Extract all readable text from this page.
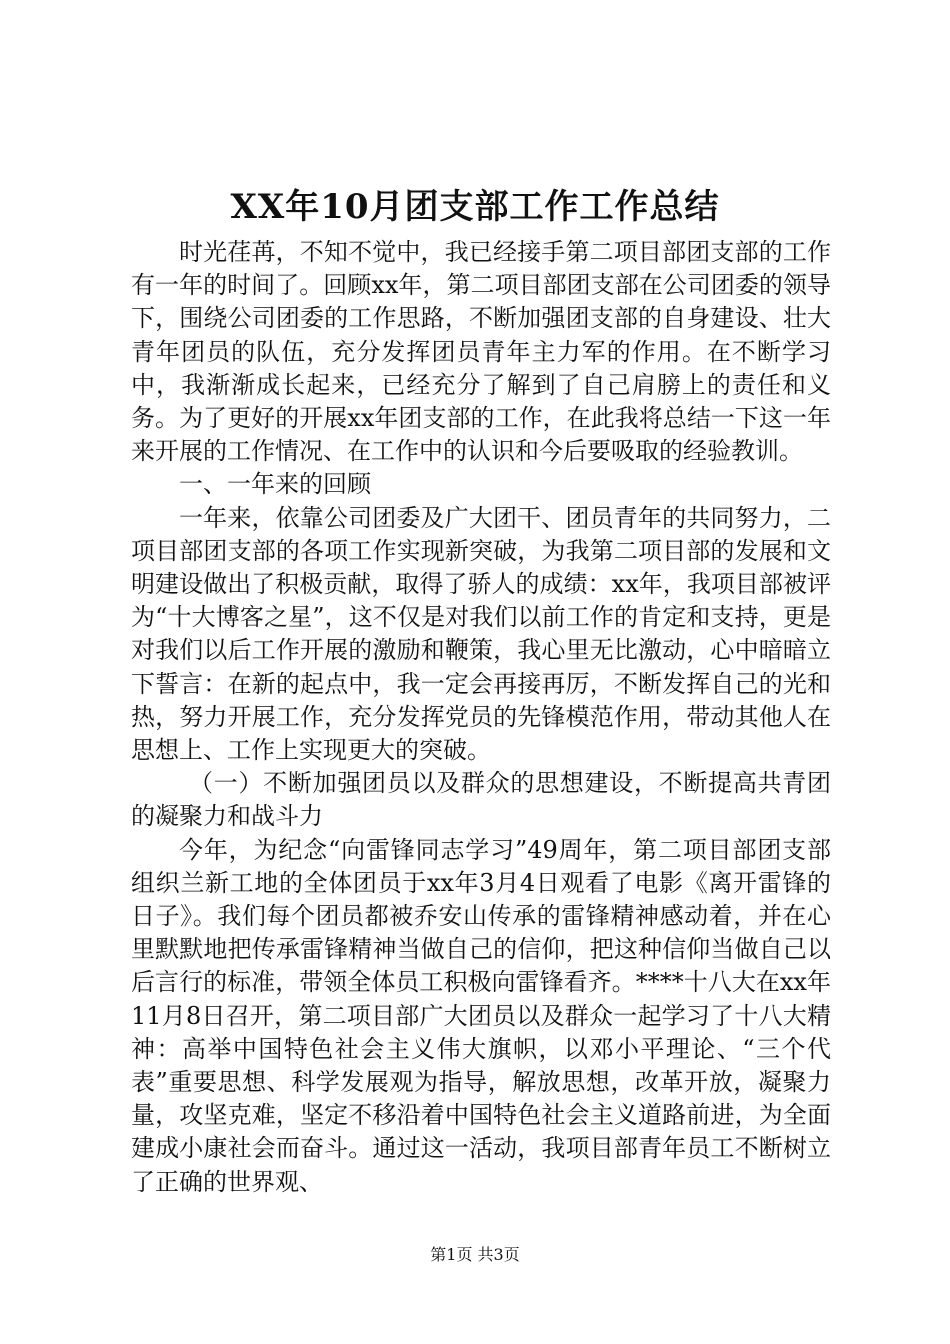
XX年10月团支部工作工作总结

时光荏苒，不知不觉中，我已经接手第二项目部团支部的工作有一年的时间了。回顾xx年，第二项目部团支部在公司团委的领导下，围绕公司团委的工作思路，不断加强团支部的自身建设、壮大青年团员的队伍，充分发挥团员青年主力军的作用。在不断学习中，我渐渐成长起来，已经充分了解到了自己肩膀上的责任和义务。为了更好的开展xx年团支部的工作，在此我将总结一下这一年来开展的工作情况、在工作中的认识和今后要吸取的经验教训。

一、一年来的回顾

一年来，依靠公司团委及广大团干、团员青年的共同努力，二项目部团支部的各项工作实现新突破，为我第二项目部的发展和文明建设做出了积极贡献，取得了骄人的成绩：xx年，我项目部被评为“十大博客之星”，这不仅是对我们以前工作的肯定和支持，更是对我们以后工作开展的激励和鞭策，我心里无比激动，心中暗暗立下誓言：在新的起点中，我一定会再接再厉，不断发挥自己的光和热，努力开展工作，充分发挥党员的先锋模范作用，带动其他人在思想上、工作上实现更大的突破。

（一）不断加强团员以及群众的思想建设，不断提高共青团的凝聚力和战斗力

今年，为纪念“向雷锋同志学习”49周年，第二项目部团支部组织兰新工地的全体团员于xx年3月4日观看了电影《离开雷锋的日子》。我们每个团员都被乔安山传承的雷锋精神感动着，并在心里默默地把传承雷锋精神当做自己的信仰，把这种信仰当做自己以后言行的标准，带领全体员工积极向雷锋看齐。****十八大在xx年11月8日召开，第二项目部广大团员以及群众一起学习了十八大精神：高举中国特色社会主义伟大旗帜，以邓小平理论、“三个代表”重要思想、科学发展观为指导，解放思想，改革开放，凝聚力量，攻坚克难，坚定不移沿着中国特色社会主义道路前进，为全面建成小康社会而奋斗。通过这一活动，我项目部青年员工不断树立了正确的世界观、

第1页 共3页
